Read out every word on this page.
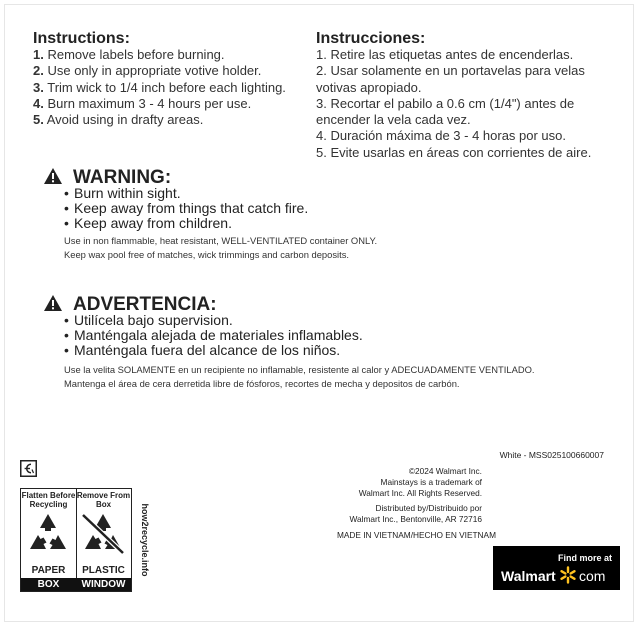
Instructions:
1. Remove labels before burning.
2. Use only in appropriate votive holder.
3. Trim wick to 1/4 inch before each lighting.
4. Burn maximum 3 - 4 hours per use.
5. Avoid using in drafty areas.
Instrucciones:
1. Retire las etiquetas antes de encenderlas.
2. Usar solamente en un portavelas para velas
votivas apropiado.
3. Recortar el pabilo a 0.6 cm (1/4") antes de
encender la vela cada vez.
4. Duración máxima de 3 - 4 horas por uso.
5. Evite usarlas en áreas con corrientes de aire.
WARNING:
• Burn within sight.
• Keep away from things that catch fire.
• Keep away from children.
Use in non flammable, heat resistant, WELL-VENTILATED container ONLY.
Keep wax pool free of matches, wick trimmings and carbon deposits.
ADVERTENCIA:
• Utilícela bajo supervision.
• Manténgala alejada de materiales inflamables.
• Manténgala fuera del alcance de los niños.
Use la velita SOLAMENTE en un recipiente no inflamable, resistente al calor y ADECUADAMENTE VENTILADO.
Mantenga el área de cera derretida libre de fósforos, recortes de mecha y depositos de carbón.
White - MSS025100660007
©2024 Walmart Inc.
Mainstays is a trademark of
Walmart Inc. All Rights Reserved.
Distributed by/Distribuido por
Walmart Inc., Bentonville, AR 72716
MADE IN VIETNAM/HECHO EN VIETNAM
Flatten Before Recycling
PAPER
BOX
Remove From Box
PLASTIC
WINDOW
how2recycle.info	Find more at
Walmart com
